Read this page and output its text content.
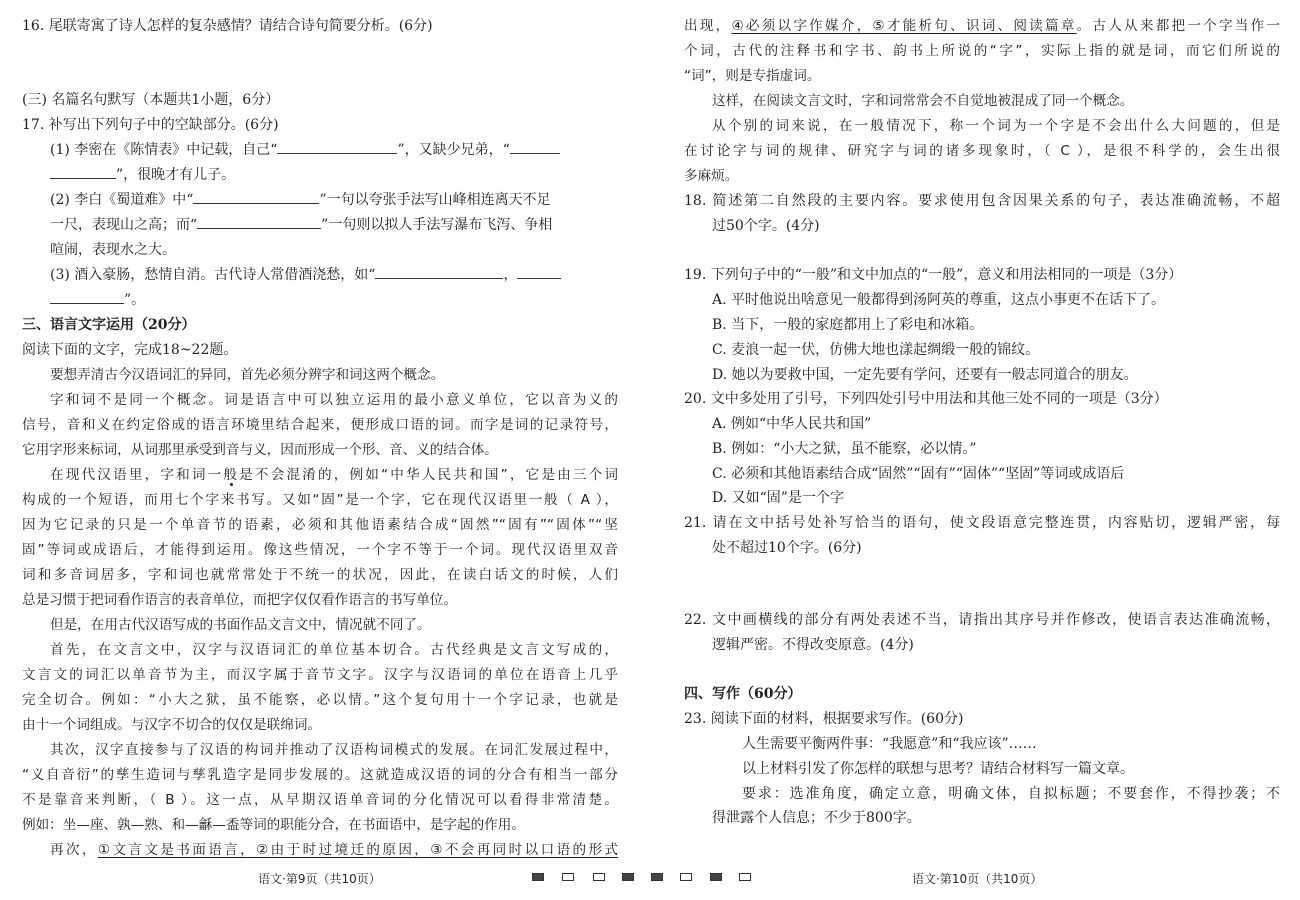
16. 尾联寄寓了诗人怎样的复杂感情？请结合诗句简要分析。(6分)
(三) 名篇名句默写（本题共1小题，6分）
17. 补写出下列句子中的空缺部分。(6分)
(1) 李密在《陈情表》中记载，自己“	”，又缺少兄弟，“
”，很晚才有儿子。
(2) 李白《蜀道难》中“	”一句以夸张手法写山峰相连离天不足
一尺，表现山之高；而“	”一句则以拟人手法写瀑布飞泻、争相
喧闹，表现水之大。
(3) 酒入豪肠，愁情自消。古代诗人常借酒浇愁，如“	，
”。
三、语言文字运用（20分）
阅读下面的文字，完成18~22题。
要想弄清古今汉语词汇的异同，首先必须分辨字和词这两个概念。
字和词不是同一个概念。词是语言中可以独立运用的最小意义单位，它以音为义的
信号，音和义在约定俗成的语言环境里结合起来，便形成口语的词。而字是词的记录符号，
它用字形来标词，从词那里承受到音与义，因而形成一个形、音、义的结合体。
在现代汉语里，字和词一般是不会混淆的，例如“中华人民共和国”，它是由三个词
构成的一个短语，而用七个字来书写。又如“固”是一个字，它在现代汉语里一般（ A ），
因为它记录的只是一个单音节的语素，必须和其他语素结合成“固然”“固有”“固体”“坚
固”等词或成语后，才能得到运用。像这些情况，一个字不等于一个词。现代汉语里双音
词和多音词居多，字和词也就常常处于不统一的状况，因此，在读白话文的时候，人们
总是习惯于把词看作语言的表音单位，而把字仅仅看作语言的书写单位。
但是，在用古代汉语写成的书面作品文言文中，情况就不同了。
首先，在文言文中，汉字与汉语词汇的单位基本切合。古代经典是文言文写成的，
文言文的词汇以单音节为主，而汉字属于音节文字。汉字与汉语词的单位在语音上几乎
完全切合。例如：“小大之狱，虽不能察，必以情。”这个复句用十一个字记录，也就是
由十一个词组成。与汉字不切合的仅仅是联绵词。
其次，汉字直接参与了汉语的构词并推动了汉语构词模式的发展。在词汇发展过程中，
“义自音衍”的孳生造词与孳乳造字是同步发展的。这就造成汉语的词的分合有相当一部分
不是靠音来判断，（ B ）。这一点，从早期汉语单音词的分化情况可以看得非常清楚。
例如：坐—座、孰—熟、和—龢—盉等词的职能分合，在书面语中，是字起的作用。
再次，①文言文是书面语言，②由于时过境迁的原因，③不会再同时以口语的形式
出现，④必须以字作媒介，⑤才能析句、识词、阅读篇章。古人从来都把一个字当作一
个词，古代的注释书和字书、韵书上所说的“字”，实际上指的就是词，而它们所说的
“词”，则是专指虚词。
这样，在阅读文言文时，字和词常常会不自觉地被混成了同一个概念。
从个别的词来说，在一般情况下，称一个词为一个字是不会出什么大问题的，但是
在讨论字与词的规律、研究字与词的诸多现象时，（ C ），是很不科学的，会生出很
多麻烦。
18. 简述第二自然段的主要内容。要求使用包含因果关系的句子，表达准确流畅，不超
过50个字。(4分)
19. 下列句子中的“一般”和文中加点的“一般”，意义和用法相同的一项是（3分）
A. 平时他说出啥意见一般都得到汤阿英的尊重，这点小事更不在话下了。
B. 当下，一般的家庭都用上了彩电和冰箱。
C. 麦浪一起一伏，仿佛大地也漾起绸缎一般的锦纹。
D. 她以为要救中国，一定先要有学问，还要有一般志同道合的朋友。
20. 文中多处用了引号，下列四处引号中用法和其他三处不同的一项是（3分）
A. 例如“中华人民共和国”
B. 例如：“小大之狱，虽不能察，必以情。”
C. 必须和其他语素结合成“固然”“固有”“固体”“坚固”等词或成语后
D. 又如“固”是一个字
21. 请在文中括号处补写恰当的语句，使文段语意完整连贯，内容贴切，逻辑严密，每
处不超过10个字。(6分)
22. 文中画横线的部分有两处表述不当，请指出其序号并作修改，使语言表达准确流畅，
逻辑严密。不得改变原意。(4分)
四、写作（60分）
23. 阅读下面的材料，根据要求写作。(60分)
人生需要平衡两件事：“我愿意”和“我应该”……
以上材料引发了你怎样的联想与思考？请结合材料写一篇文章。
要求：选准角度，确定立意，明确文体，自拟标题；不要套作，不得抄袭；不
得泄露个人信息；不少于800字。
语文·第9页（共10页）	语文·第10页（共10页）
